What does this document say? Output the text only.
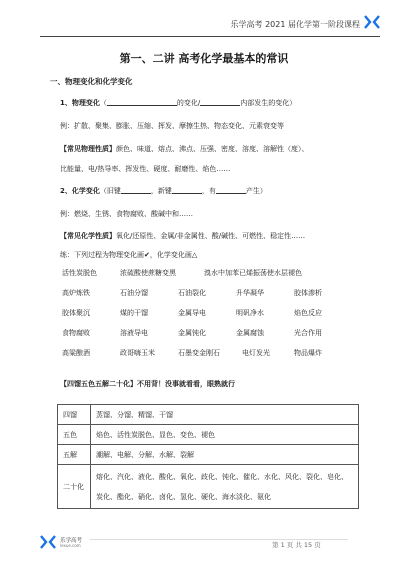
乐学高考 2021 届化学第一阶段课程
第一、二讲 高考化学最基本的常识
一、物理变化和化学变化
1、物理变化（	的变化/	内部发生的变化）
例：扩散、聚集、膨胀、压缩、挥发、摩擦生热、物态变化、元素衰变等
【常见物理性质】颜色、味道、熔点、沸点、压强、密度、溶度、溶解性（度）、
比能量、电/热导率、挥发性、硬度、耐磨性、焰色……
2、化学变化（旧键	，新键	，有	产生）
例：燃烧、生锈、食物腐败、酸碱中和……
【常见化学性质】氧化/还原性、金属/非金属性、酸/碱性、可燃性、稳定性……
练：下列过程为物理变化画✔，化学变化画△
活性炭脱色	浓硫酸使蔗糖变黑	溴水中加苯已烯振荡使水层褪色
高炉炼铁	石油分馏	石油裂化	升华凝华	胶体渗析
胶体聚沉	煤的干馏	金属导电	明矾净水	焰色反应
食物腐败	溶液导电	金属钝化	金属腐蚀	光合作用
高粱酿酒	政哥嗨玉米	石墨变金刚石	电灯发光	物品爆炸
【四馏五色五解二十化】不用背！没事就看看，眼熟就行
四馏	蒸馏、分馏、精馏、干馏
五色	焰色、活性炭脱色、显色、变色、褪色
五解	潮解、电解、分解、水解、裂解
二十化	熔化、汽化、液化、酸化、氧化、歧化、钝化、催化、水化、风化、裂化、皂化、炭化、酯化、硝化、卤化、氢化、硬化、海水淡化、氨化
乐学高考
lexue.com	第 1 页 共 15 页
